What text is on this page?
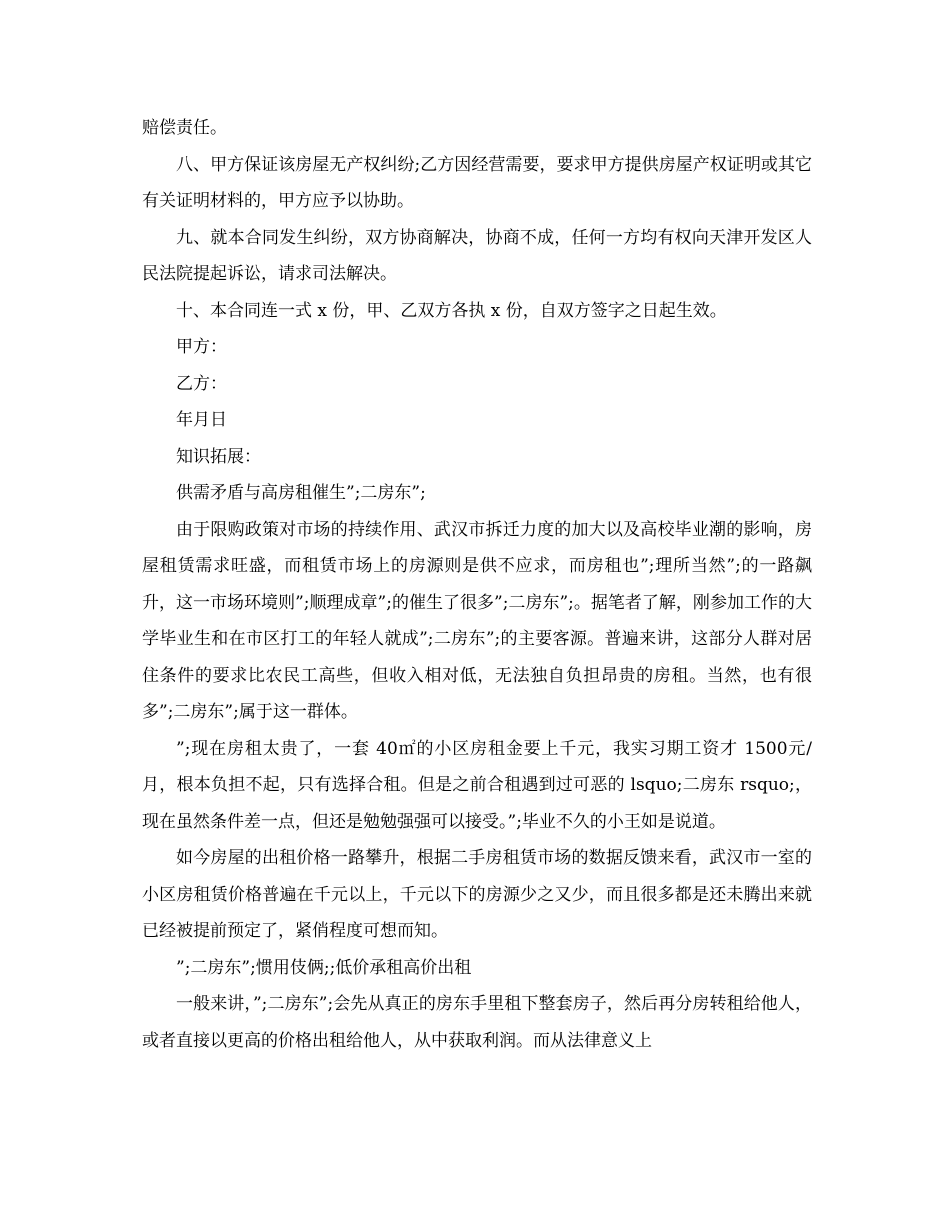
赔偿责任。

八、甲方保证该房屋无产权纠纷;乙方因经营需要，要求甲方提供房屋产权证明或其它有关证明材料的，甲方应予以协助。

九、就本合同发生纠纷，双方协商解决，协商不成，任何一方均有权向天津开发区人民法院提起诉讼，请求司法解决。

十、本合同连一式 x 份，甲、乙双方各执 x 份，自双方签字之日起生效。

甲方：

乙方：

年月日

知识拓展：

供需矛盾与高房租催生”;二房东”;

由于限购政策对市场的持续作用、武汉市拆迁力度的加大以及高校毕业潮的影响，房屋租赁需求旺盛，而租赁市场上的房源则是供不应求，而房租也”;理所当然”;的一路飙升，这一市场环境则”;顺理成章”;的催生了很多”;二房东”;。据笔者了解，刚参加工作的大学毕业生和在市区打工的年轻人就成”;二房东”;的主要客源。普遍来讲，这部分人群对居住条件的要求比农民工高些，但收入相对低，无法独自负担昂贵的房租。当然，也有很多”;二房东”;属于这一群体。

”;现在房租太贵了，一套 40㎡的小区房租金要上千元，我实习期工资才 1500元/月，根本负担不起，只有选择合租。但是之前合租遇到过可恶的 lsquo;二房东 rsquo;，现在虽然条件差一点，但还是勉勉强强可以接受。”;毕业不久的小王如是说道。

如今房屋的出租价格一路攀升，根据二手房租赁市场的数据反馈来看，武汉市一室的小区房租赁价格普遍在千元以上，千元以下的房源少之又少，而且很多都是还未腾出来就已经被提前预定了，紧俏程度可想而知。

”;二房东”;惯用伎俩;;低价承租高价出租

一般来讲，”;二房东”;会先从真正的房东手里租下整套房子，然后再分房转租给他人，或者直接以更高的价格出租给他人，从中获取利润。而从法律意义上
